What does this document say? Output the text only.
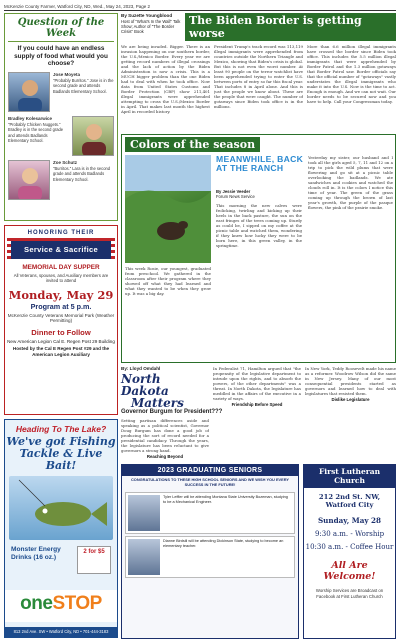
McKenzie County Farmer, Watford City, ND, Wed., May 24, 2023, Page 2
Question of the Week
If you could have an endless supply of food what would you choose?
Jose Moyeta
"Probably Burritos." Jose is in the second grade and attends Badlands Elementary School.
Bradley Kolesarwice
"Probably Chicken Nuggets." Bradley is in the second grade and attends Badlands Elementary School.
Zoe Schutz
"Burritos." Lara is in the second grade and attends Badlands Elementary School.
HONORING THEIR
Service & Sacrifice
MEMORIAL DAY SUPPER
All Veterans, spouses, and Auxiliary members are invited to attend
Monday, May 29
Program at 5 p.m.
McKenzie County Veterans Memorial Park (Weather Permitting)
Dinner to Follow
New American Legion Cal E. Regen Post 29 Building
Hosted by the Cal E Regen Post #29 and the American Legion Auxiliary
Heading To The Lake?
We've got Fishing Tackle & Live Bait!
Monster Energy Drinks (16 oz.)
2 for $5
oneSTOP
813 2nd Ave. SW • Watford City, ND • 701-444-3183
By Suzette Youngblood
Host of "What's In the Wall" Talk Show; Author of "The Border Crisis" Book
The Biden Border is getting worse
We are being invaded. Bigger. There is an invasion happening on our southern border, the U.S./Mexico Border. Every year we are getting record numbers of illegal crossings and the lack of action by the Biden Administration is now a crisis. This is a MUCH bigger problem than the one Biden had to deal with when he took office. Now data from United States Customs and Border Protection (CBP) show 211,401 illegal immigrants were apprehended attempting to cross the U.S./Mexico Border in April. That makes last month the highest April in recorded history.
President Trump's track record was 113,119 illegal immigrants were apprehended from countries outside the Northern Triangle and Mexico, showing that Biden's crisis is global. But this is not even the worst number. At least 90 people on the terror watchlist have been apprehended trying to enter the U.S. between ports of entry so far this fiscal year. That includes 8 in April alone. And this is just the people we know about. These are the people that were caught. The number of gotaways since Biden took office is in the millions.
More than 6.6 million illegal immigrants have crossed the border since Biden took office. This includes the 5.5 million illegal immigrants that were apprehended by Border Patrol and the 1.3 million gotaways that Border Patrol saw. Border officials say that the official number of "gotaways" vastly understates the illegal immigrants who make it into the U.S. Now is the time to act. Enough is enough. And we can not wait. Our border needs to be secured now and you have to help. Call your Congressman today.
Colors of the season
MEANWHILE, BACK AT THE RANCH
By Jessie Veeder
Forum News Service
This morning the new calves were frolicking, twirling and kicking up their heels in the back pasture, the sun on the east fringes of the trees coming up. Sturdy as could be, I sipped on my coffee at the picnic table and watched them, wondering if they knew how lucky they were to be born here, in this green valley, in the springtime.
This week Rosie, our youngest, graduated from preschool. We gathered in the classroom after their program where they showed off what they had learned and what they wanted to be when they grow up. It was a big day.
Yesterday my sister, our husband and I took all the girls aged 5, 7, 11 and 12 on a trip to pick the wild plums that were flowering and go sit at a picnic table overlooking the badlands. We ate sandwiches and cookies and watched the clouds roll in. It is the colors I notice this time of year. The green of the grass coming up through the brown of last year's growth, the purple of the pasque flowers, the pink of the prairie smoke.
By: Lloyd Omdahl
North Dakota
Matters
Governor Burgum for President???
Setting partisan differences aside and speaking as a political scientist, Governor Doug Burgum has done a good job of producing the sort of record needed for a presidential candidacy. Through the years, the legislature has been reluctant to give governors a strong hand.
Reaching Beyond
In Federalist 71, Hamilton argued that "the propensity of the legislative department to intrude upon the rights, and to absorb the powers, of the other departments" was a threat. In North Dakota, the legislature has meddled in the affairs of the executive in a variety of ways.
Friendship Before Speed
In New York, Teddy Roosevelt made his name as a reformer. Woodrow Wilson did the same in New Jersey. Many of our most consequential presidents started as governors and learned how to deal with legislatures that resisted them.
Dislike Legislature
2023 GRADUATING SENIORS
CONGRATULATIONS TO THESE HIGH SCHOOL SENIORS AND WE WISH YOU EVERY SUCCESS IN THE FUTURE!
Tyler Leffler will be attending Montana State University Bozeman, studying to be a Mechanical Engineer.
Dianne Birdsill will be attending Dickinson State, studying to become an elementary teacher.
First Lutheran Church
212 2nd St. NW, Watford City
Sunday, May 28
9:30 a.m. - Worship
10:30 a.m. - Coffee Hour
All Are Welcome!
Worship Services are Broadcast on Facebook at First Lutheran Church
